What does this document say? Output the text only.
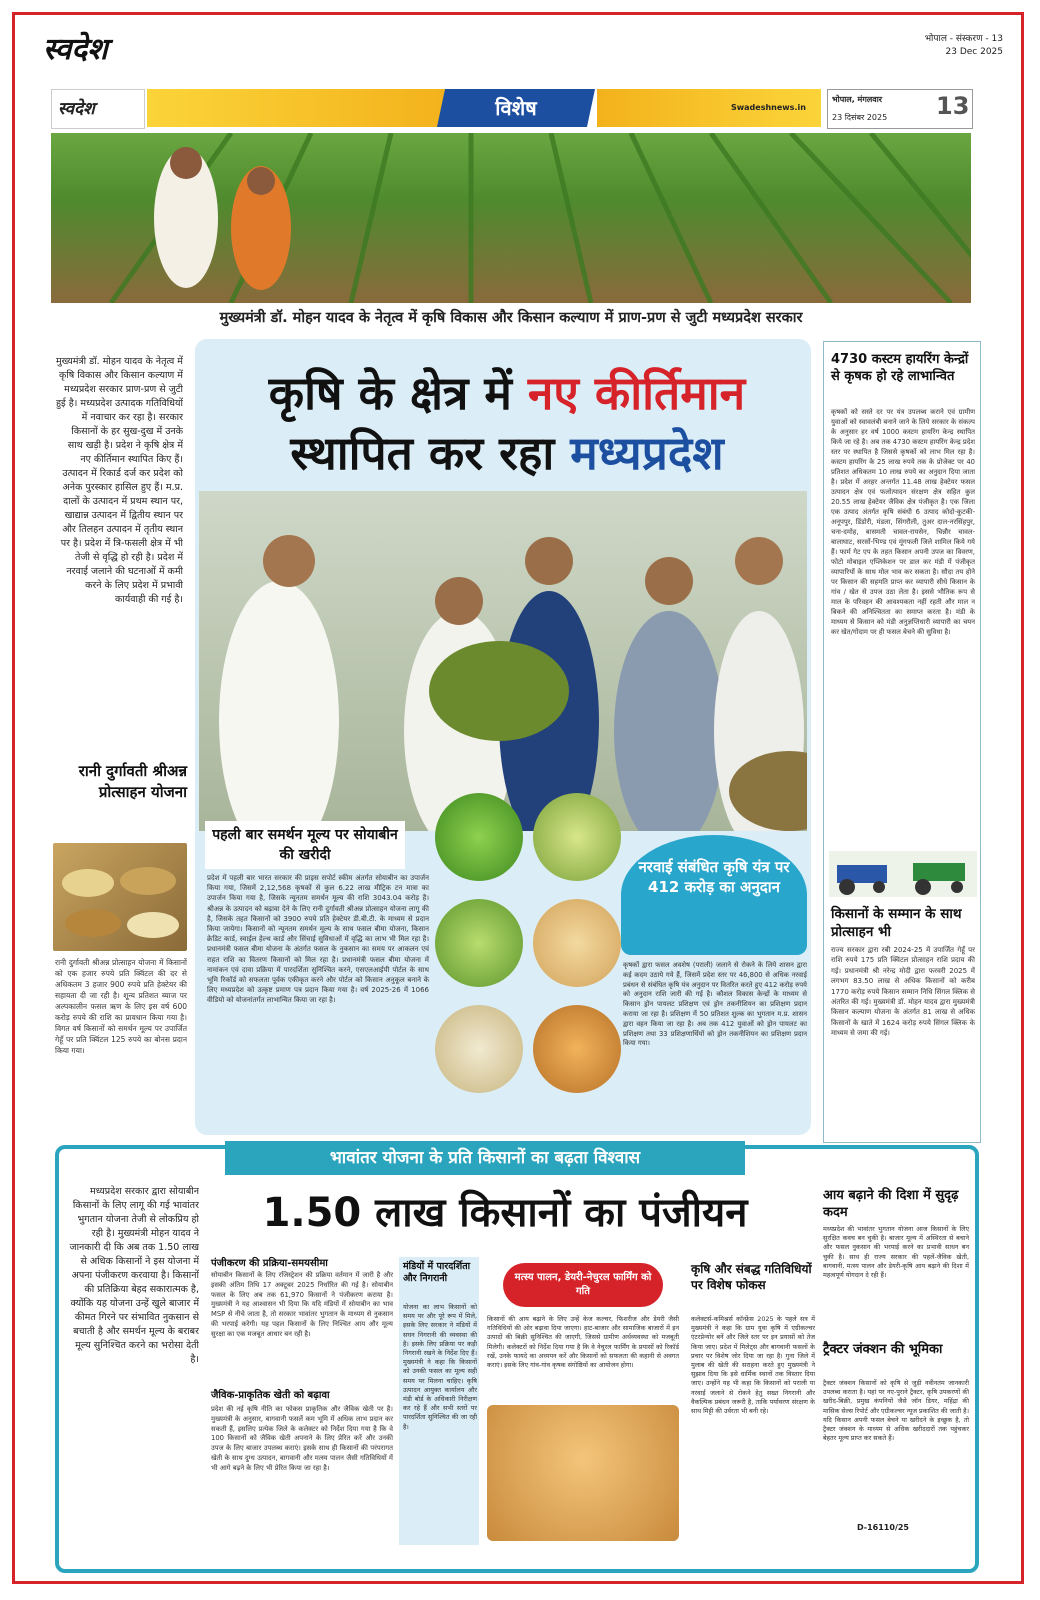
स्वदेश	भोपाल - संस्करण - 13
23 Dec 2025
स्वदेश	विशेष	Swadeshnews.in
भोपाल, मंगलवार
23 दिसंबर 2025 13
मुख्यमंत्री डॉ. मोहन यादव के नेतृत्व में कृषि विकास और किसान कल्याण में प्राण-प्रण से जुटी मध्यप्रदेश सरकार
मुख्यमंत्री डॉ. मोहन यादव के नेतृत्व में कृषि विकास और किसान कल्याण में मध्यप्रदेश सरकार प्राण-प्रण से जुटी हुई है। मध्यप्रदेश उत्पादक गतिविधियों में नवाचार कर रहा है। सरकार किसानों के हर सुख-दुख में उनके साथ खड़ी है। प्रदेश ने कृषि क्षेत्र में नए कीर्तिमान स्थापित किए हैं। उत्पादन में रिकार्ड दर्ज कर प्रदेश को अनेक पुरस्कार हासिल हुए हैं। म.प्र. दालों के उत्पादन में प्रथम स्थान पर, खाद्यान्न उत्पादन में द्वितीय स्थान पर और तिलहन उत्पादन में तृतीय स्थान पर है। प्रदेश में त्रि-फसली क्षेत्र में भी तेजी से वृद्धि हो रही है। प्रदेश में नरवाई जलाने की घटनाओं में कमी करने के लिए प्रदेश में प्रभावी कार्यवाही की गई है।
रानी दुर्गावती श्रीअन्न प्रोत्साहन योजना
रानी दुर्गावती श्रीअन्न प्रोत्साहन योजना में किसानों को एक हजार रुपये प्रति क्विंटल की दर से अधिकतम 3 हजार 900 रुपये प्रति हेक्टेयर की सहायता दी जा रही है। शून्य प्रतिशत ब्याज पर अल्पकालीन फसल ऋण के लिए इस वर्ष 600 करोड़ रुपये की राशि का प्रावधान किया गया है। विगत वर्ष किसानों को समर्थन मूल्य पर उपार्जित गेहूँ पर प्रति क्विंटल 125 रुपये का बोनस प्रदान किया गया।
कृषि के क्षेत्र में नए कीर्तिमान
स्थापित कर रहा मध्यप्रदेश
पहली बार समर्थन मूल्य पर सोयाबीन की खरीदी
प्रदेश में पहली बार भारत सरकार की प्राइस सपोर्ट स्कीम अंतर्गत सोयाबीन का उपार्जन किया गया, जिसमें 2,12,568 कृषकों से कुल 6.22 लाख मीट्रिक टन मात्रा का उपार्जन किया गया है, जिसके न्यूनतम समर्थन मूल्य की राशि 3043.04 करोड़ है। श्रीअन्न के उत्पादन को बढ़ावा देने के लिए रानी दुर्गावती श्रीअन्न प्रोत्साहन योजना लागू की है, जिसके तहत किसानों को 3900 रुपये प्रति हेक्टेयर डी.बी.टी. के माध्यम से प्रदान किया जायेगा। किसानों को न्यूनतम समर्थन मूल्य के साथ फसल बीमा योजना, किसान क्रेडिट कार्ड, स्वाईल हेल्थ कार्ड और सिंचाई सुविधाओं में वृद्धि का लाभ भी मिल रहा है। प्रधानमंत्री फसल बीमा योजना के अंतर्गत फसल के नुकसान का समय पर आकलन एवं राहत राशि का वितरण किसानों को मिल रहा है। प्रधानमंत्री फसल बीमा योजना में नामांकन एवं दावा प्रक्रिया में पारदर्शिता सुनिश्चित करने, एसएलआईपी पोर्टल के साथ भूमि रिकॉर्ड को सफलता पूर्वक एकीकृत करने और पोर्टल को किसान अनुकूल बनाने के लिए मध्यप्रदेश को उत्कृष्ट प्रमाण पत्र प्रदान किया गया है। वर्ष 2025-26 में 1066 वीडियो को योजनांतर्गत लाभान्वित किया जा रहा है।
नरवाई संबंधित कृषि यंत्र पर 412 करोड़ का अनुदान
कृषकों द्वारा फसल अवशेष (पराली) जलाने से रोकने के लिये शासन द्वारा कई कदम उठाये गये हैं, जिसमें प्रदेश स्तर पर 46,800 से अधिक नरवाई प्रबंधन से संबंधित कृषि यंत्र अनुदान पर वितरित करते हुए 412 करोड़ रुपये को अनुदान राशि जारी की गई है। कौशल विकास केन्द्रों के माध्यम से किसान ड्रोन पायलट प्रशिक्षण एवं ड्रोन तकनीशियन का प्रशिक्षण प्रदान कराया जा रहा है। प्रशिक्षण में 50 प्रतिशत शुल्क का भुगतान म.प्र. शासन द्वारा वहन किया जा रहा है। अब तक 412 युवाओं को ड्रोन पायलट का प्रशिक्षण तथा 33 प्रशिक्षणार्थियों को ड्रोन तकनीशियन का प्रशिक्षण प्रदान किया गया।
4730 कस्टम हायरिंग केन्द्रों से कृषक हो रहे लाभान्वित
कृषकों को सस्ते दर पर यंत्र उपलब्ध कराने एवं ग्रामीण युवाओं को स्वावलंबी बनाने जाने के लिये सरकार के संकल्प के अनुसार हर वर्ष 1000 कस्टम हायरिंग केन्द्र स्थापित किये जा रहे है। अब तक 4730 कस्टम हायरिंग केन्द्र प्रदेश स्तर पर स्थापित है जिससे कृषकों को लाभ मिल रहा है। कस्टम हायरिंग के 25 लाख रुपये तक के प्रोजेक्ट पर 40 प्रतिशत अधिकतम 10 लाख रुपये का अनुदान दिया जाता है। प्रदेश में अरहर अन्तर्गत 11.48 लाख हेक्टेयर फसल उत्पादन क्षेत्र एवं फलोत्पादन संरक्षण क्षेत्र सहित कुल 20.55 लाख हेक्टेयर जैविक क्षेत्र पंजीकृत है। एक जिला एक उत्पाद अंतर्गत कृषि संबंधी 6 उत्पाद कोदो-कुटकी-अनूपपुर, डिंडोरी, मंडला, सिंगरौली, तुअर दाल-नरसिंहपुर, चना-दमोह, बासमती चावल-रायसेन, चिन्नौर चावल-बालाघाट, सरसों-भिण्ड एवं मूंगफली जिले शामिल किये गये हैं। फार्म गेट एप के तहत किसान अपनी उपज का विवरण, फोटो मोबाइल एप्लिकेशन पर डाल कर मंडी में पंजीकृत व्यापारियों के साथ मोल भाव कर सकता है। सौदा तय होने पर किसान की सहमति प्राप्त कर व्यापारी सीधे किसान के गांव / खेत से उपज उठा लेता है। इससे भौतिक रूप से माल के परिवहन की आवश्यकता नहीं रहती और माल न बिकने की अनिश्चितता का समाप्त करता है। मंडी के माध्यम से किसान को मंडी अनुज्ञप्तिधारी व्यापारी का चयन कर खेत/गोदाम पर ही फसल बेचने की सुविधा है।
किसानों के सम्मान के साथ प्रोत्साहन भी
राज्य सरकार द्वारा रबी 2024-25 में उपार्जित गेहूँ पर राशि रुपये 175 प्रति क्विंटल प्रोत्साहन राशि प्रदाय की गई। प्रधानमंत्री श्री नरेन्द्र मोदी द्वारा फरवरी 2025 में लगभग 83.50 लाख से अधिक किसानों को करीब 1770 करोड़ रुपये किसान सम्मान निधि सिंगल क्लिक से अंतरित की गई। मुख्यमंत्री डॉ. मोहन यादव द्वारा मुख्यमंत्री किसान कल्याण योजना के अंतर्गत 81 लाख से अधिक किसानों के खाते में 1624 करोड़ रुपये सिंगल क्लिक के माध्यम से जमा की गई।
भावांतर योजना के प्रति किसानों का बढ़ता विश्वास
मध्यप्रदेश सरकार द्वारा सोयाबीन किसानों के लिए लागू की गई भावांतर भुगतान योजना तेजी से लोकप्रिय हो रही है। मुख्यमंत्री मोहन यादव ने जानकारी दी कि अब तक 1.50 लाख से अधिक किसानों ने इस योजना में अपना पंजीकरण करवाया है। किसानों की प्रतिक्रिया बेहद सकारात्मक है, क्योंकि यह योजना उन्हें खुले बाजार में कीमत गिरने पर संभावित नुकसान से बचाती है और समर्थन मूल्य के बराबर मूल्य सुनिश्चित करने का भरोसा देती है।
1.50 लाख किसानों का पंजीयन
पंजीकरण की प्रक्रिया-समयसीमा
सोयाबीन किसानों के लिए रजिस्ट्रेशन की प्रक्रिया वर्तमान में जारी है और इसकी अंतिम तिथि 17 अक्टूबर 2025 निर्धारित की गई है। सोयाबीन फसल के लिए अब तक 61,970 किसानों ने पंजीकरण कराया है। मुख्यमंत्री ने यह आश्वासन भी दिया कि यदि मंडियों में सोयाबीन का भाव MSP से नीचे जाता है, तो सरकार भावांतर भुगतान के माध्यम से नुकसान की भरपाई करेगी। यह पहल किसानों के लिए निश्चित आय और मूल्य सुरक्षा का एक मजबूत आधार बन रही है।
जैविक-प्राकृतिक खेती को बढ़ावा
प्रदेश की नई कृषि नीति का फोकस प्राकृतिक और जैविक खेती पर है। मुख्यमंत्री के अनुसार, बागवानी फसलें कम भूमि में अधिक लाभ प्रदान कर सकती हैं, इसलिए प्रत्येक जिले के कलेक्टर को निर्देश दिया गया है कि वे 100 किसानों को जैविक खेती अपनाने के लिए प्रेरित करें और उनकी उपज के लिए बाजार उपलब्ध कराएं। इसके साथ ही किसानों की परंपरागत खेती के साथ दुग्ध उत्पादन, बागवानी और मत्स्य पालन जैसी गतिविधियों में भी आगे बढ़ने के लिए भी प्रेरित किया जा रहा है।
मंडियों में पारदर्शिता और निगरानी
योजना का लाभ किसानों को समय पर और पूरे रूप में मिले, इसके लिए सरकार ने मंडियों में सघन निगरानी की व्यवस्था की है। इसके लिए प्रक्रिया पर कड़ी निगरानी रखने के निर्देश दिए हैं। मुख्यमंत्री ने कहा कि किसानों को उनकी फसल का मूल्य सही समय पर मिलना चाहिए। कृषि उत्पादन आयुक्त कार्यालय और मंडी बोर्ड के अधिकारी निरीक्षण कर रहे हैं और सभी स्तरों पर पारदर्शिता सुनिश्चित की जा रही है।
मत्स्य पालन, डेयरी-नेचुरल फार्मिंग को गति
किसानों की आय बढ़ाने के लिए उन्हें केज कल्चर, फिशरीज और डेयरी जैसी गतिविधियों की ओर बढ़ावा दिया जाएगा। हाट-बाजार और सामाजिक बाजारों में इन उत्पादों की बिक्री सुनिश्चित की जाएगी, जिससे ग्रामीण अर्थव्यवस्था को मजबूती मिलेगी। कलेक्टरों को निर्देश दिया गया है कि वे नेचुरल फार्मिंग के प्रयासों को रिकॉर्ड रखें, उनके फायदे का अध्ययन करें और किसानों को सफलता की कहानी से अवगत कराएं। इसके लिए गांव-गांव कृषक संगोष्ठियों का आयोजन होगा।
कृषि और संबद्ध गतिविधियों पर विशेष फोकस
कलेक्टर्स-कमिश्नर्स कॉन्फ्रेंस 2025 के पहले सत्र में मुख्यमंत्री ने कहा कि ग्राम युवा कृषि में एग्रीकल्चर एंटरप्रेन्योर बनें और जिले स्तर पर इन प्रयासों को तेज किया जाए। प्रदेश में मिलेट्स और बागवानी फसलों के प्रचार पर विशेष जोर दिया जा रहा है। गुना जिले में मुलाब की खेती की सराहना करते हुए मुख्यमंत्री ने सुझाव दिया कि इसे धार्मिक स्थानों तक विस्तार दिया जाए। उन्होंने यह भी कहा कि किसानों को पराली या नरवाई जलाने से रोकने हेतु सख्त निगरानी और वैकल्पिक प्रबंधन जरूरी है, ताकि पर्यावरण संरक्षण के साथ मिट्टी की उर्वरता भी बनी रहे।
आय बढ़ाने की दिशा में सुदृढ़ कदम
मध्यप्रदेश की भावांतर भुगतान योजना आज किसानों के लिए सुरक्षित कवच बन चुकी है। बाजार मूल्य में अस्थिरता से बचाने और फसल नुकसान की भरपाई करने का प्रभावी साधन बन चुकी है। साथ ही राज्य सरकार की पहलें-जैविक खेती, बागवानी, मत्स्य पालन और डेयरी-कृषि आय बढ़ाने की दिशा में महत्वपूर्ण योगदान दे रही हैं।
ट्रैक्टर जंक्शन की भूमिका
ट्रैक्टर जंक्शन किसानों को कृषि से जुड़ी नवीनतम जानकारी उपलब्ध कराता है। यहां पर नए-पुराने ट्रैक्टर, कृषि उपकरणों की खरीद-बिक्री, प्रमुख कंपनियों जैसे जॉन डियर, महिंद्रा की मासिक सेल्स रिपोर्ट और एग्रीकल्चर न्यूज प्रकाशित की जाती है। यदि किसान अपनी फसल बेचने या खरीदने के इच्छुक है, तो ट्रैक्टर जंक्शन के माध्यम से अधिक खरीददारों तक पहुंचकर बेहतर मूल्य प्राप्त कर सकते हैं।
D-16110/25
